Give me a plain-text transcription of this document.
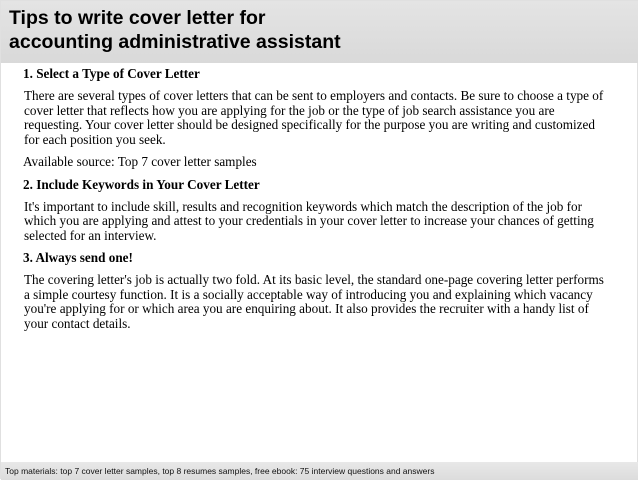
Tips to write cover letter for
accounting administrative assistant

1. Select a Type of Cover Letter

There are several types of cover letters that can be sent to employers and contacts. Be sure to choose a type of cover letter that reflects how you are applying for the job or the type of job search assistance you are requesting. Your cover letter should be designed specifically for the purpose you are writing and customized for each position you seek.

Available source: Top 7 cover letter samples

2. Include Keywords in Your Cover Letter

It's important to include skill, results and recognition keywords which match the description of the job for which you are applying and attest to your credentials in your cover letter to increase your chances of getting selected for an interview.

3. Always send one!

The covering letter's job is actually two fold. At its basic level, the standard one-page covering letter performs a simple courtesy function. It is a socially acceptable way of introducing you and explaining which vacancy you're applying for or which area you are enquiring about. It also provides the recruiter with a handy list of your contact details.

Top materials: top 7 cover letter samples, top 8 resumes samples, free ebook: 75 interview questions and answers
